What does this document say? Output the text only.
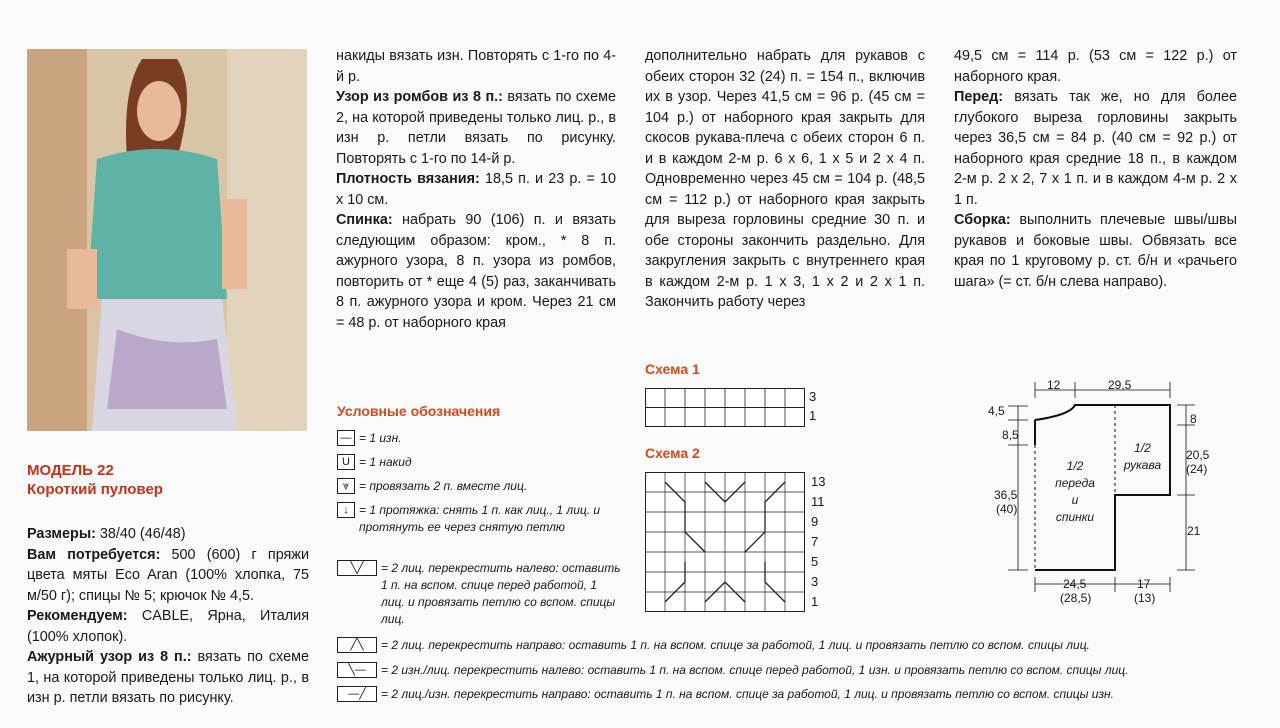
МОДЕЛЬ 22
Короткий пуловер

Размеры: 38/40 (46/48)

Вам потребуется: 500 (600) г пряжи цвета мяты Eco Aran (100% хлопка, 75 м/50 г); спицы № 5; крючок № 4,5.

Рекомендуем: CABLE, Ярна, Италия (100% хлопок).

Ажурный узор из 8 п.: вязать по схеме 1, на которой приведены только лиц. р., в изн р. петли вязать по рисунку.

накиды вязать изн. Повторять с 1-го по 4-й р.

Узор из ромбов из 8 п.: вязать по схеме 2, на которой приведены только лиц. р., в изн р. петли вязать по рисунку. Повторять с 1-го по 14-й р.

Плотность вязания: 18,5 п. и 23 р. = 10 х 10 см.

Спинка: набрать 90 (106) п. и вязать следующим образом: кром., * 8 п. ажурного узора, 8 п. узора из ромбов, повторить от * еще 4 (5) раз, заканчивать 8 п. ажурного узора и кром. Через 21 см = 48 р. от наборного края

дополнительно набрать для рукавов с обеих сторон 32 (24) п. = 154 п., включив их в узор. Через 41,5 см = 96 р. (45 см = 104 р.) от наборного края закрыть для скосов рукава-плеча с обеих сторон 6 п. и в каждом 2-м р. 6 х 6, 1 х 5 и 2 х 4 п. Одновременно через 45 см = 104 р. (48,5 см = 112 р.) от наборного края закрыть для выреза горловины средние 30 п. и обе стороны закончить раздельно. Для закругления закрыть с внутреннего края в каждом 2-м р. 1 х 3, 1 х 2 и 2 х 1 п. Закончить работу через

49,5 см = 114 р. (53 см = 122 р.) от наборного края.

Перед: вязать так же, но для более глубокого выреза горловины закрыть через 36,5 см = 84 р. (40 см = 92 р.) от наборного края средние 18 п., в каждом 2-м р. 2 х 2, 7 х 1 п. и в каждом 4-м р. 2 х 1 п.

Сборка: выполнить плечевые швы/швы рукавов и боковые швы. Обвязать все края по 1 круговому р. ст. б/н и «рачьего шага» (= ст. б/н слева направо).

Условные обозначения
— = 1 изн.
U = 1 накид
⩔ = провязать 2 п. вместе лиц.
↓ = 1 протяжка: снять 1 п. как лиц., 1 лиц. и протянуть ее через снятую петлю
╲╱	= 2 лиц. перекрестить налево: оставить 1 п. на вспом. спице перед работой, 1 лиц. и провязать петлю со вспом. спицы лиц.
╱╲	= 2 лиц. перекрестить направо: оставить 1 п. на вспом. спице за работой, 1 лиц. и провязать петлю со вспом. спицы лиц.
╲—	= 2 изн./лиц. перекрестить налево: оставить 1 п. на вспом. спице перед работой, 1 изн. и провязать петлю со вспом. спицы лиц.
—╱	= 2 лиц./изн. перекрестить направо: оставить 1 п. на вспом. спице за работой, 1 лиц. и провязать петлю со вспом. спицы изн.
Схема 1
3
1
Схема 2
13
11
9
7
5
3
1
12	29,5
4,5
8,5
8
20,5
(24)
36,5
(40)
21
24,5
(28,5)
17
(13)
1/2
переда
и
спинки
1/2
рукава
